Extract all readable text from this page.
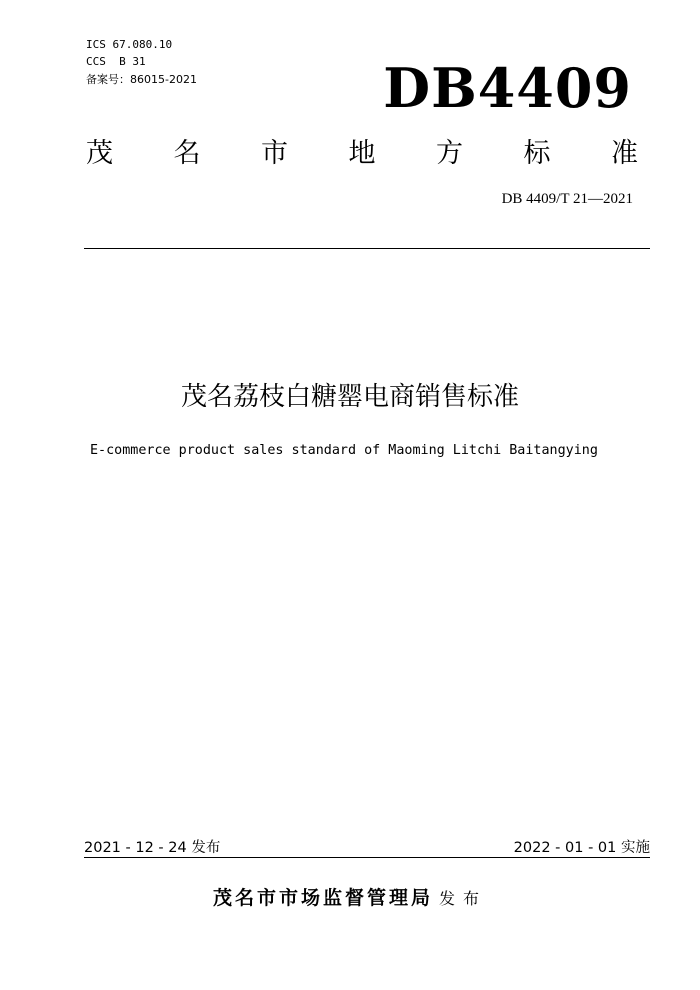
ICS 67.080.10
CCS  B 31
备案号：86015-2021	DB4409
茂 名 市 地 方 标 准
DB 4409/T 21—2021
茂名荔枝白糖罂电商销售标准
E-commerce product sales standard of Maoming Litchi Baitangying
2021 - 12 - 24 发布	2022 - 01 - 01 实施
茂名市市场监督管理局 发布
